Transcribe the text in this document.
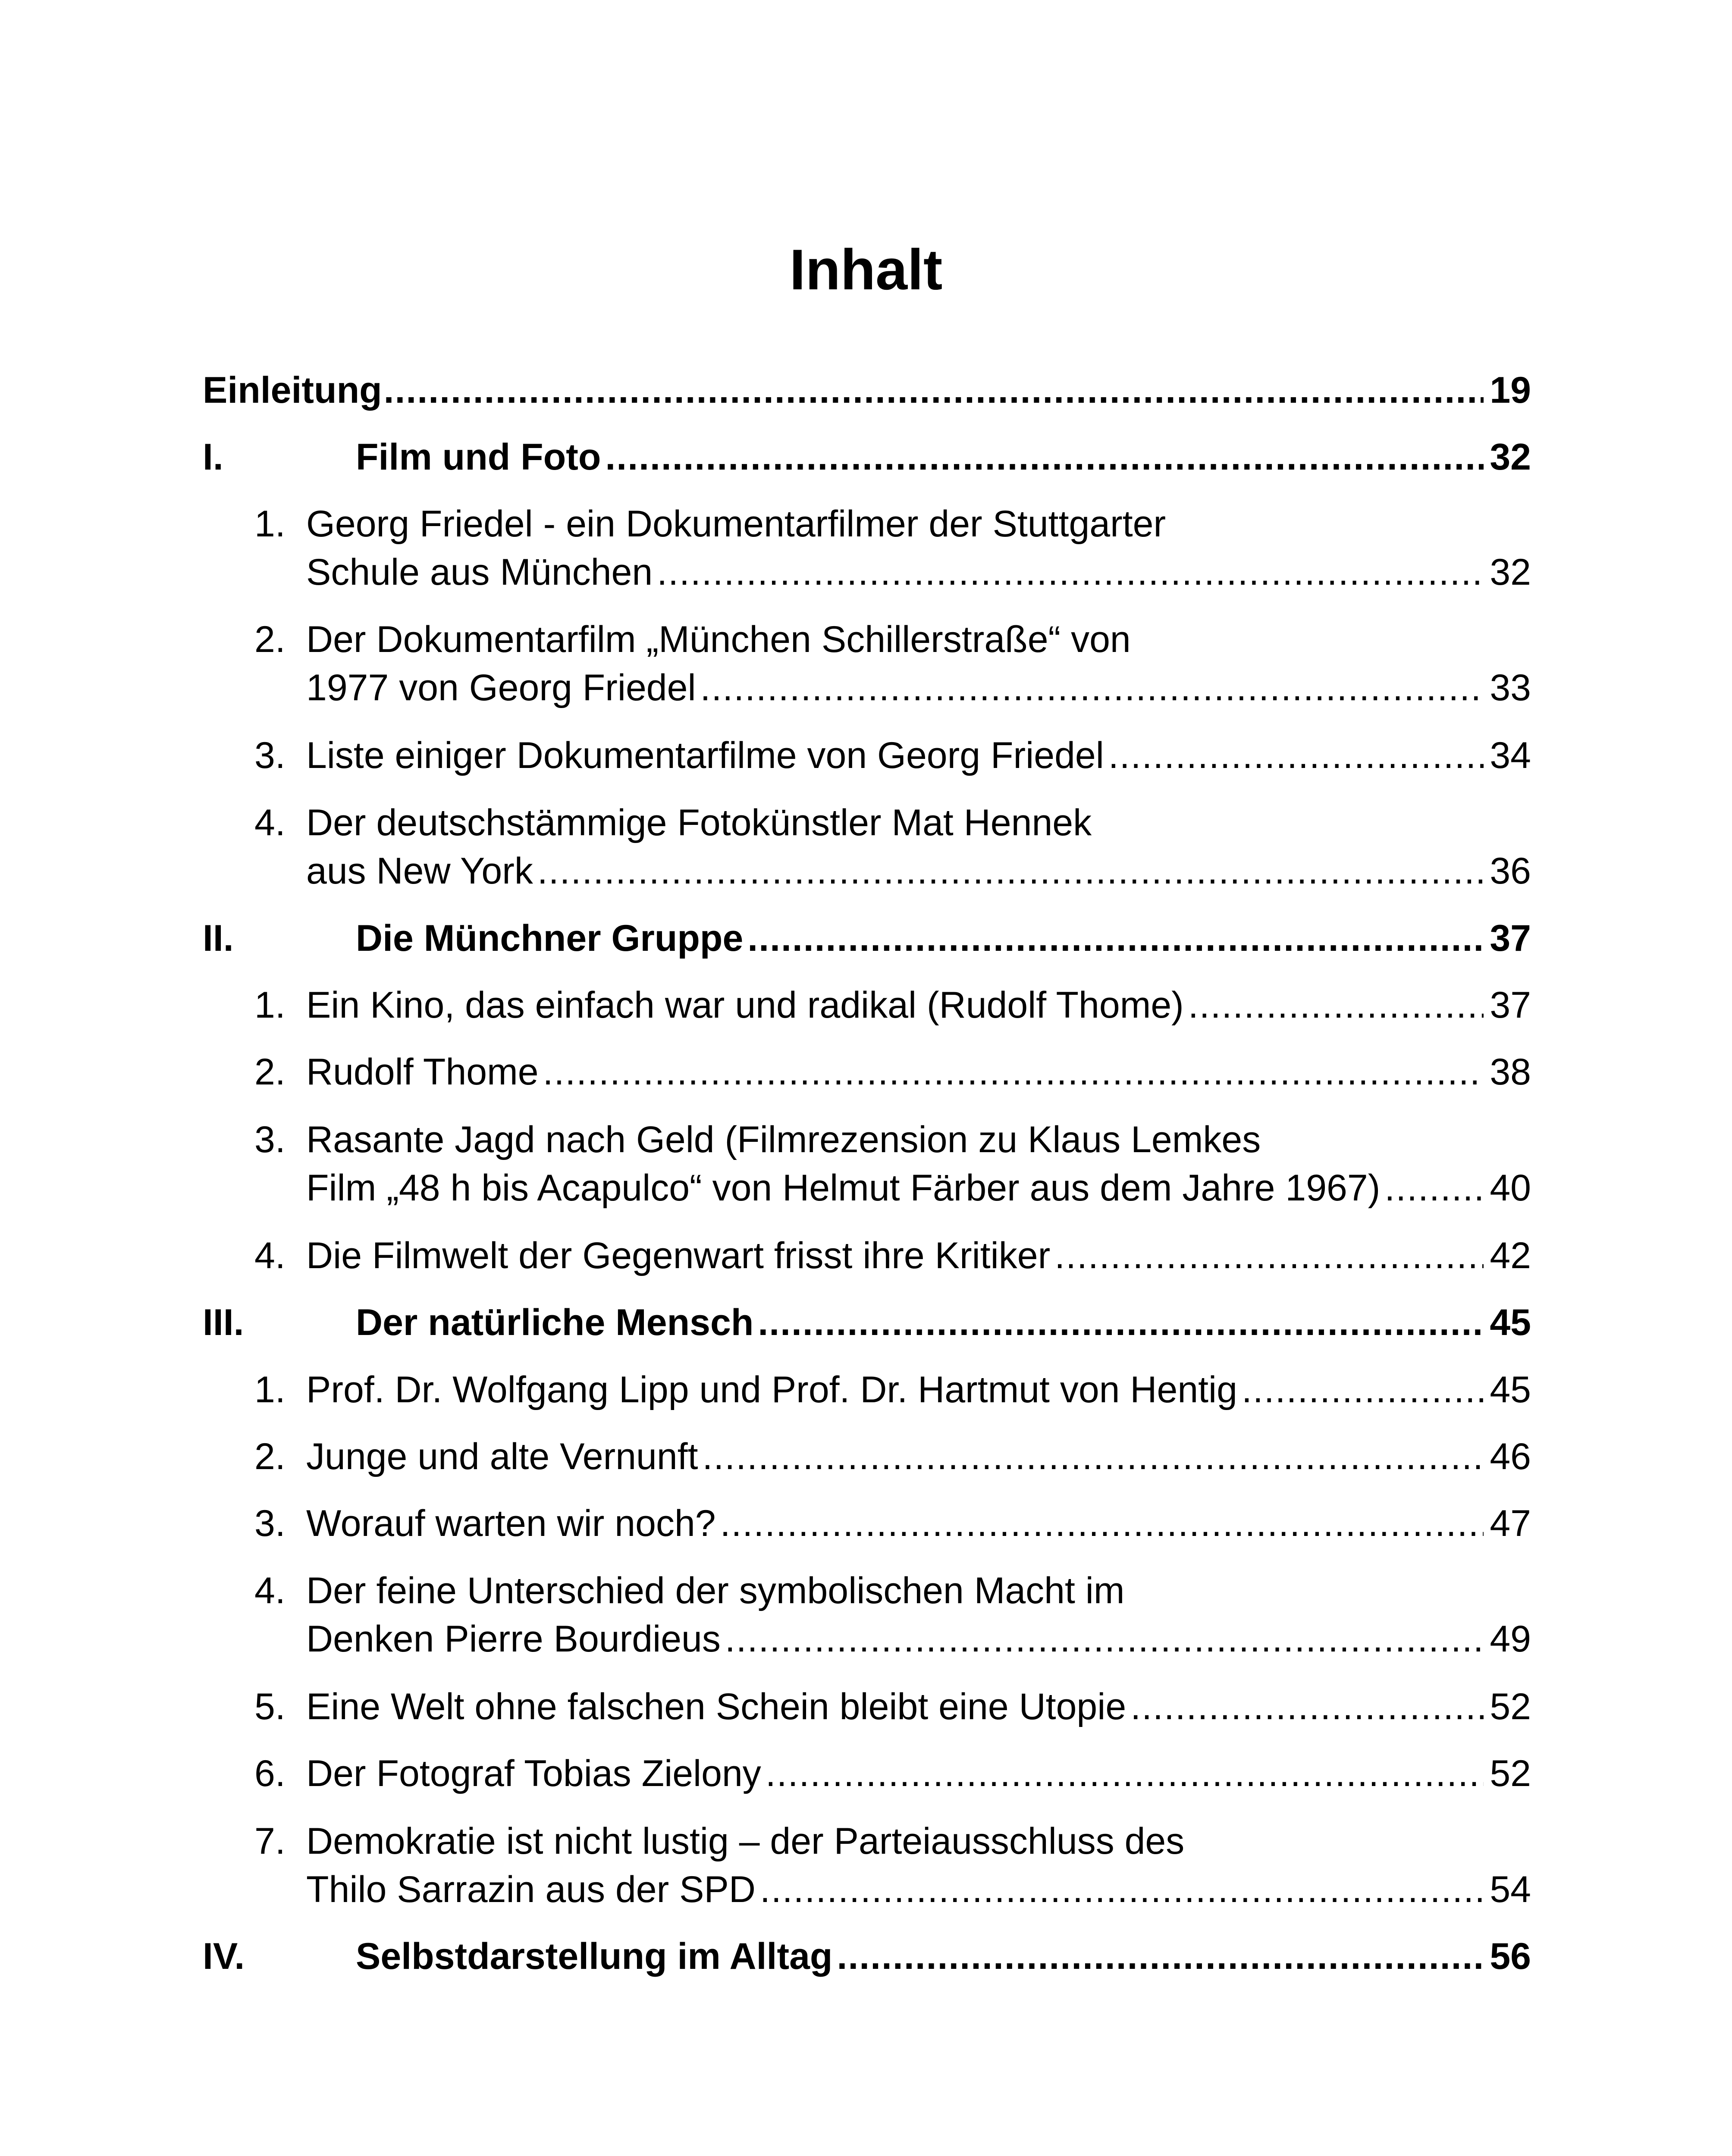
Inhalt
Einleitung .....	19
I.	Film und Foto .....	32
1. Georg Friedel - ein Dokumentarfilmer der Stuttgarter
Schule aus München .....	32
2. Der Dokumentarfilm „München Schillerstraße“ von
1977 von Georg Friedel .....	33
3. Liste einiger Dokumentarfilme von Georg Friedel .....	34
4. Der deutschstämmige Fotokünstler Mat Hennek
aus New York .....	36
II.	Die Münchner Gruppe .....	37
1. Ein Kino, das einfach war und radikal (Rudolf Thome) .....	37
2. Rudolf Thome .....	38
3. Rasante Jagd nach Geld (Filmrezension zu Klaus Lemkes
Film „48 h bis Acapulco“ von Helmut Färber aus dem Jahre 1967) .....	40
4. Die Filmwelt der Gegenwart frisst ihre Kritiker .....	42
III.	Der natürliche Mensch .....	45
1. Prof. Dr. Wolfgang Lipp und Prof. Dr. Hartmut von Hentig .....	45
2. Junge und alte Vernunft .....	46
3. Worauf warten wir noch? .....	47
4. Der feine Unterschied der symbolischen Macht im
Denken Pierre Bourdieus .....	49
5. Eine Welt ohne falschen Schein bleibt eine Utopie .....	52
6. Der Fotograf Tobias Zielony .....	52
7. Demokratie ist nicht lustig – der Parteiausschluss des
Thilo Sarrazin aus der SPD .....	54
IV.	Selbstdarstellung im Alltag .....	56
